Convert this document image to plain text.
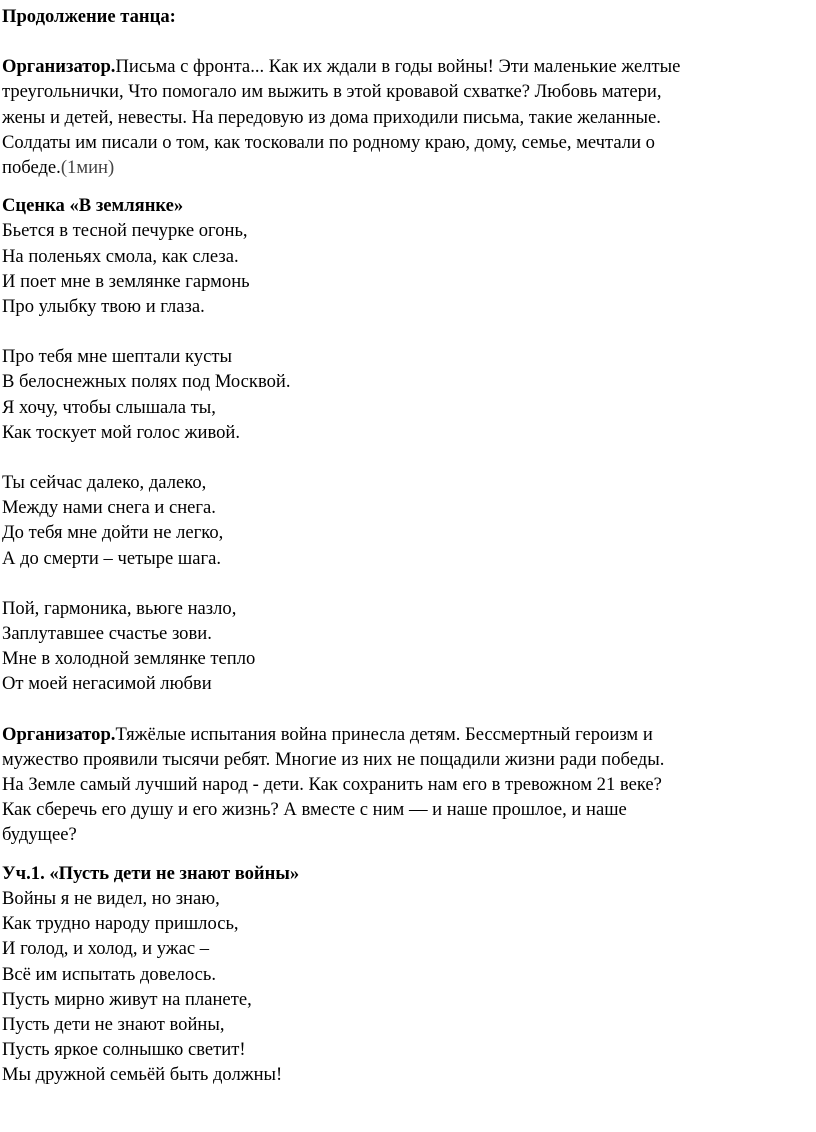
Продолжение танца:
Организатор.Письма с фронта... Как их ждали в годы войны! Эти маленькие желтые
треугольнички, Что помогало им выжить в этой кровавой схватке? Любовь матери,
жены и детей, невесты. На передовую из дома приходили письма, такие желанные.
Солдаты им писали о том, как тосковали по родному краю, дому, семье, мечтали о
победе.(1мин)
Сценка «В землянке»
Бьется в тесной печурке огонь,
На поленьях смола, как слеза.
И поет мне в землянке гармонь
Про улыбку твою и глаза.
Про тебя мне шептали кусты
В белоснежных полях под Москвой.
Я хочу, чтобы слышала ты,
Как тоскует мой голос живой.
Ты сейчас далеко, далеко,
Между нами снега и снега.
До тебя мне дойти не легко,
А до смерти – четыре шага.
Пой, гармоника, вьюге назло,
Заплутавшее счастье зови.
Мне в холодной землянке тепло
От моей негасимой любви
Организатор.Тяжёлые испытания война принесла детям. Бессмертный героизм и
мужество проявили тысячи ребят. Многие из них не пощадили жизни ради победы.
На Земле самый лучший народ - дети. Как сохранить нам его в тревожном 21 веке?
Как сберечь его душу и его жизнь? А вместе с ним — и наше прошлое, и наше
будущее?
Уч.1. «Пусть дети не знают войны»
Войны я не видел, но знаю,
Как трудно народу пришлось,
И голод, и холод, и ужас –
Всё им испытать довелось.
Пусть мирно живут на планете,
Пусть дети не знают войны,
Пусть яркое солнышко светит!
Мы дружной семьёй быть должны!
